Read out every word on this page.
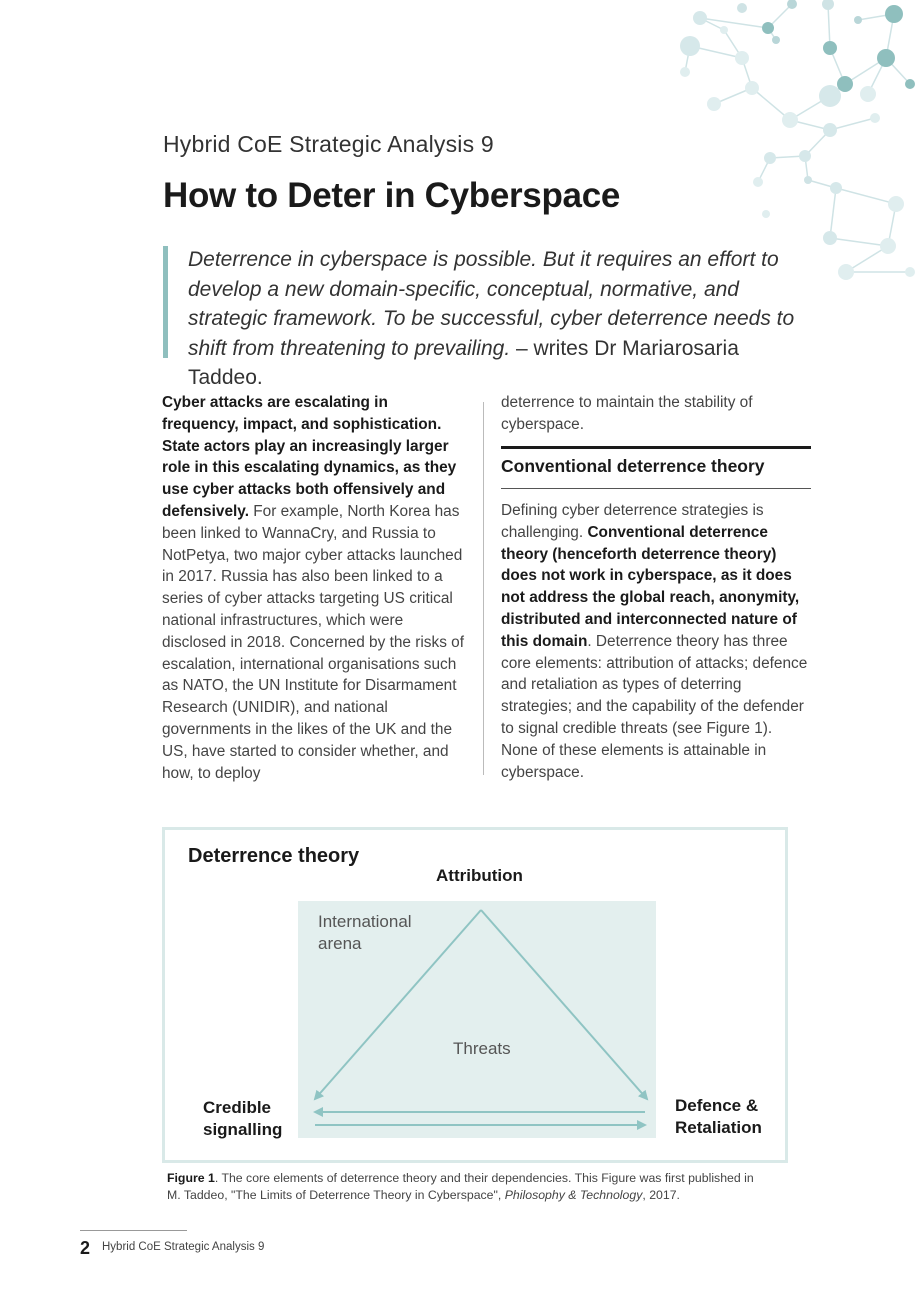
Hybrid CoE Strategic Analysis 9
How to Deter in Cyberspace
Deterrence in cyberspace is possible. But it requires an effort to develop a new domain-specific, conceptual, normative, and strategic framework. To be successful, cyber deterrence needs to shift from threatening to prevailing. – writes Dr Mariarosaria Taddeo.
Cyber attacks are escalating in frequency, impact, and sophistication. State actors play an increasingly larger role in this escalating dynamics, as they use cyber attacks both offensively and defensively. For example, North Korea has been linked to WannaCry, and Russia to NotPetya, two major cyber attacks launched in 2017. Russia has also been linked to a series of cyber attacks targeting US critical national infrastructures, which were disclosed in 2018. Concerned by the risks of escalation, international organisations such as NATO, the UN Institute for Disarmament Research (UNIDIR), and national governments in the likes of the UK and the US, have started to consider whether, and how, to deploy
deterrence to maintain the stability of cyberspace.
Conventional deterrence theory
Defining cyber deterrence strategies is challenging. Conventional deterrence theory (henceforth deterrence theory) does not work in cyberspace, as it does not address the global reach, anonymity, distributed and interconnected nature of this domain. Deterrence theory has three core elements: attribution of attacks; defence and retaliation as types of deterring strategies; and the capability of the defender to signal credible threats (see Figure 1). None of these elements is attainable in cyberspace.
Deterrence theory
Attribution
International
arena
Threats
Credible
signalling
Defence &
Retaliation
Figure 1. The core elements of deterrence theory and their dependencies. This Figure was first published in M. Taddeo, "The Limits of Deterrence Theory in Cyberspace", Philosophy & Technology, 2017.
2 Hybrid CoE Strategic Analysis 9
